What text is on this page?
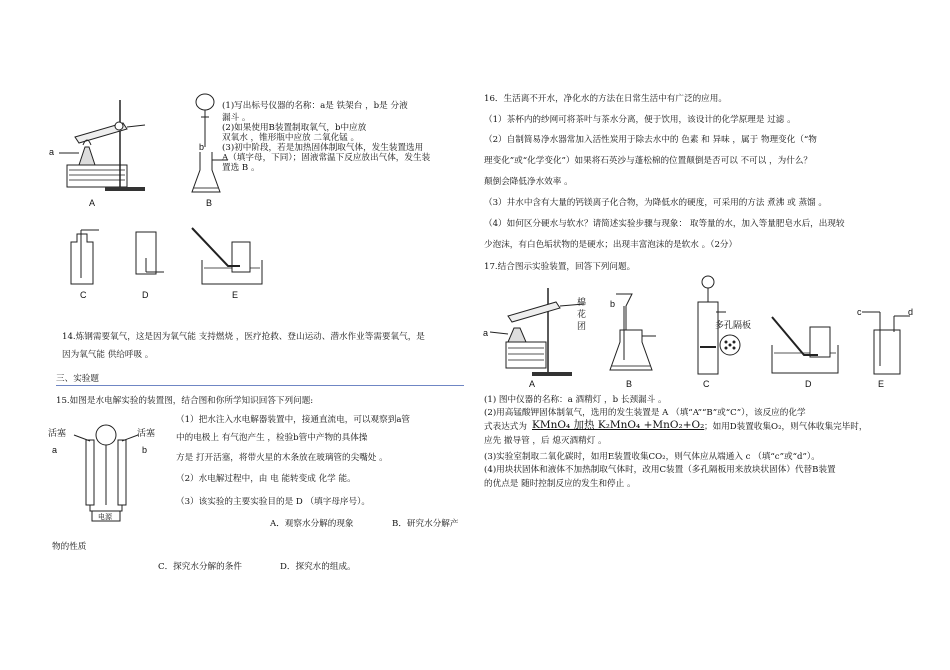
a
A
b
B
(1)写出标号仪器的名称：a是 铁架台 ，b是 分液
漏斗 。
(2)如果使用B装置制取氧气，b中应放
双氧水 ，锥形瓶中应放 二氧化锰 。
(3)初中阶段，若是加热固体制取气体，发生装置选用
A（填字母，下同）；固液常温下反应放出气体，发生装
置选 B 。
C	D	E
14.炼钢需要氧气，这是因为氧气能 支持燃烧 ，医疗抢救、登山运动、潜水作业等需要氧气，是
因为氧气能 供给呼吸 。
三、实验题
15.如图是水电解实验的装置图，结合图和你所学知识回答下列问题:
活塞	活塞
a	b
电源
（1）把水注入水电解器装置中，接通直流电，可以观察到a管
中的电极上 有气泡产生 ，检验b管中产物的具体操
方是 打开活塞，将带火星的木条放在玻璃管的尖嘴处 。
（2）水电解过程中，由 电 能转变成 化学 能。
（3）该实验的主要实验目的是 D （填字母序号）。
A．观察水分解的现象	B．研究水分解产
物的性质
C．探究水分解的条件	D．探究水的组成。
16．生活离不开水，净化水的方法在日常生活中有广泛的应用。
（1）茶杯内的纱网可将茶叶与茶水分离，便于饮用，该设计的化学原理是 过滤 。
（2）自制简易净水器常加入活性炭用于除去水中的 色素 和 异味 ，属于 物理变化（“物
理变化”或“化学变化”）如果将石英沙与蓬松棉的位置颠倒是否可以 不可以 ，为什么？
颠倒会降低净水效率 。
（3）井水中含有大量的钙镁离子化合物，为降低水的硬度，可采用的方法 煮沸 或 蒸馏 。
（4）如何区分硬水与软水？请简述实验步骤与现象： 取等量的水，加入等量肥皂水后，出现较
少泡沫，有白色垢状物的是硬水；出现丰富泡沫的是软水 。（2分）
17.结合图示实验装置，回答下列问题。
a
棉花团
b
多孔隔板
c	d
A	B	C	D	E
(1) 图中仪器的名称：a 酒精灯 ，b 长颈漏斗 。
(2)用高锰酸钾固体制氧气，选用的发生装置是 A （填“A”“B”或“C”），该反应的化学
式表达式为 KMnO₄ 加热 K₂MnO₄ +MnO₂+O₂ ；如用D装置收集O₂，则气体收集完毕时，
应先 撤导管 ，后 熄灭酒精灯 。
(3)实验室制取二氧化碳时，如用E装置收集CO₂，则气体应从端通入 c （填“c”或“d”）。
(4)用块状固体和液体不加热制取气体时，改用C装置（多孔隔板用来放块状固体）代替B装置
的优点是 随时控制反应的发生和停止 。
